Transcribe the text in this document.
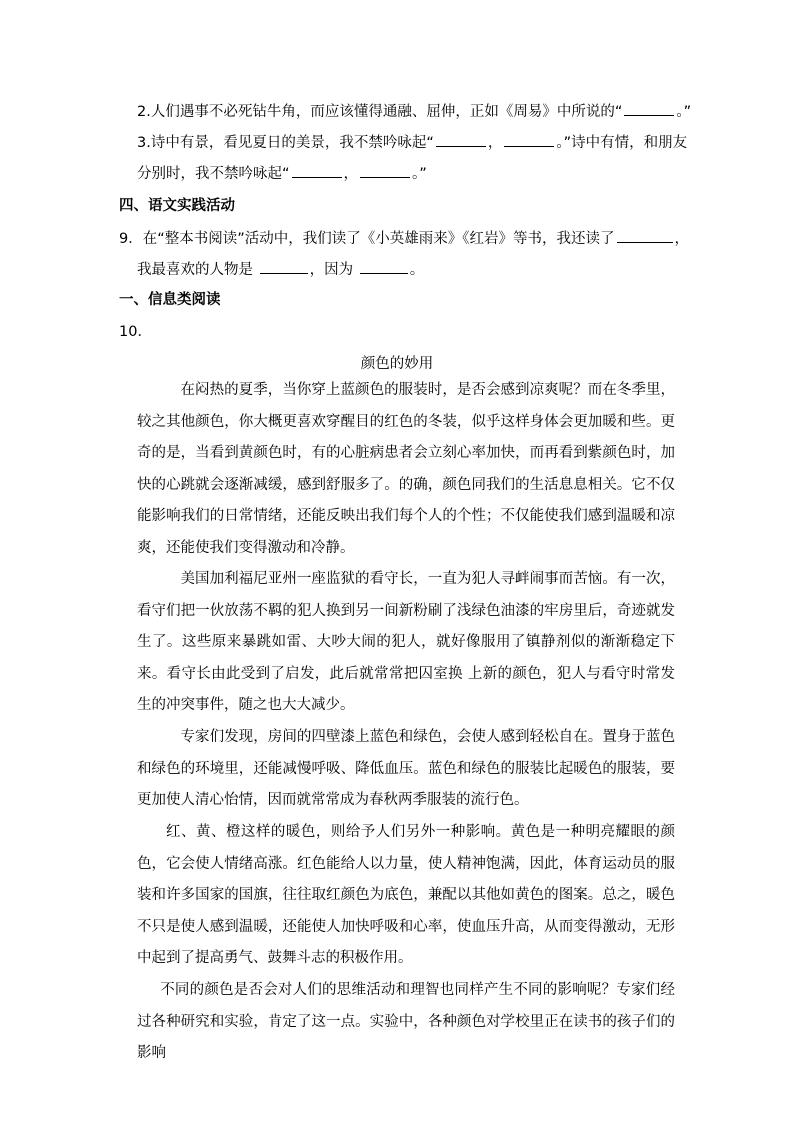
2.人们遇事不必死钻牛角，而应该懂得通融、屈伸，正如《周易》中所说的“	。”
3.诗中有景，看见夏日的美景，我不禁吟咏起“	，	。”诗中有情，和朋友
分别时，我不禁吟咏起“	，	。”
四、语文实践活动
9．在“整本书阅读”活动中，我们读了《小英雄雨来》《红岩》等书，我还读了	，
我最喜欢的人物是	，因为	。
一、信息类阅读
10．
颜色的妙用

在闷热的夏季，当你穿上蓝颜色的服装时，是否会感到凉爽呢？而在冬季里，较之其他颜色，你大概更喜欢穿醒目的红色的冬装，似乎这样身体会更加暖和些。更奇的是，当看到黄颜色时，有的心脏病患者会立刻心率加快，而再看到紫颜色时，加快的心跳就会逐渐减缓，感到舒服多了。的确，颜色同我们的生活息息相关。它不仅能影响我们的日常情绪，还能反映出我们每个人的个性；不仅能使我们感到温暖和凉爽，还能使我们变得激动和冷静。

美国加利福尼亚州一座监狱的看守长，一直为犯人寻衅闹事而苦恼。有一次，看守们把一伙放荡不羁的犯人换到另一间新粉刷了浅绿色油漆的牢房里后，奇迹就发生了。这些原来暴跳如雷、大吵大闹的犯人，就好像服用了镇静剂似的渐渐稳定下来。看守长由此受到了启发，此后就常常把囚室换 上新的颜色，犯人与看守时常发生的冲突事件，随之也大大减少。

专家们发现，房间的四壁漆上蓝色和绿色，会使人感到轻松自在。置身于蓝色和绿色的环境里，还能减慢呼吸、降低血压。蓝色和绿色的服装比起暖色的服装，要更加使人清心怡情，因而就常常成为春秋两季服装的流行色。

红、黄、橙这样的暖色，则给予人们另外一种影响。黄色是一种明亮耀眼的颜色，它会使人情绪高涨。红色能给人以力量，使人精神饱满，因此，体育运动员的服装和许多国家的国旗，往往取红颜色为底色，兼配以其他如黄色的图案。总之，暖色不只是使人感到温暖，还能使人加快呼吸和心率，使血压升高，从而变得激动，无形中起到了提高勇气、鼓舞斗志的积极作用。

不同的颜色是否会对人们的思维活动和理智也同样产生不同的影响呢？专家们经过各种研究和实验，肯定了这一点。实验中，各种颜色对学校里正在读书的孩子们的影响
